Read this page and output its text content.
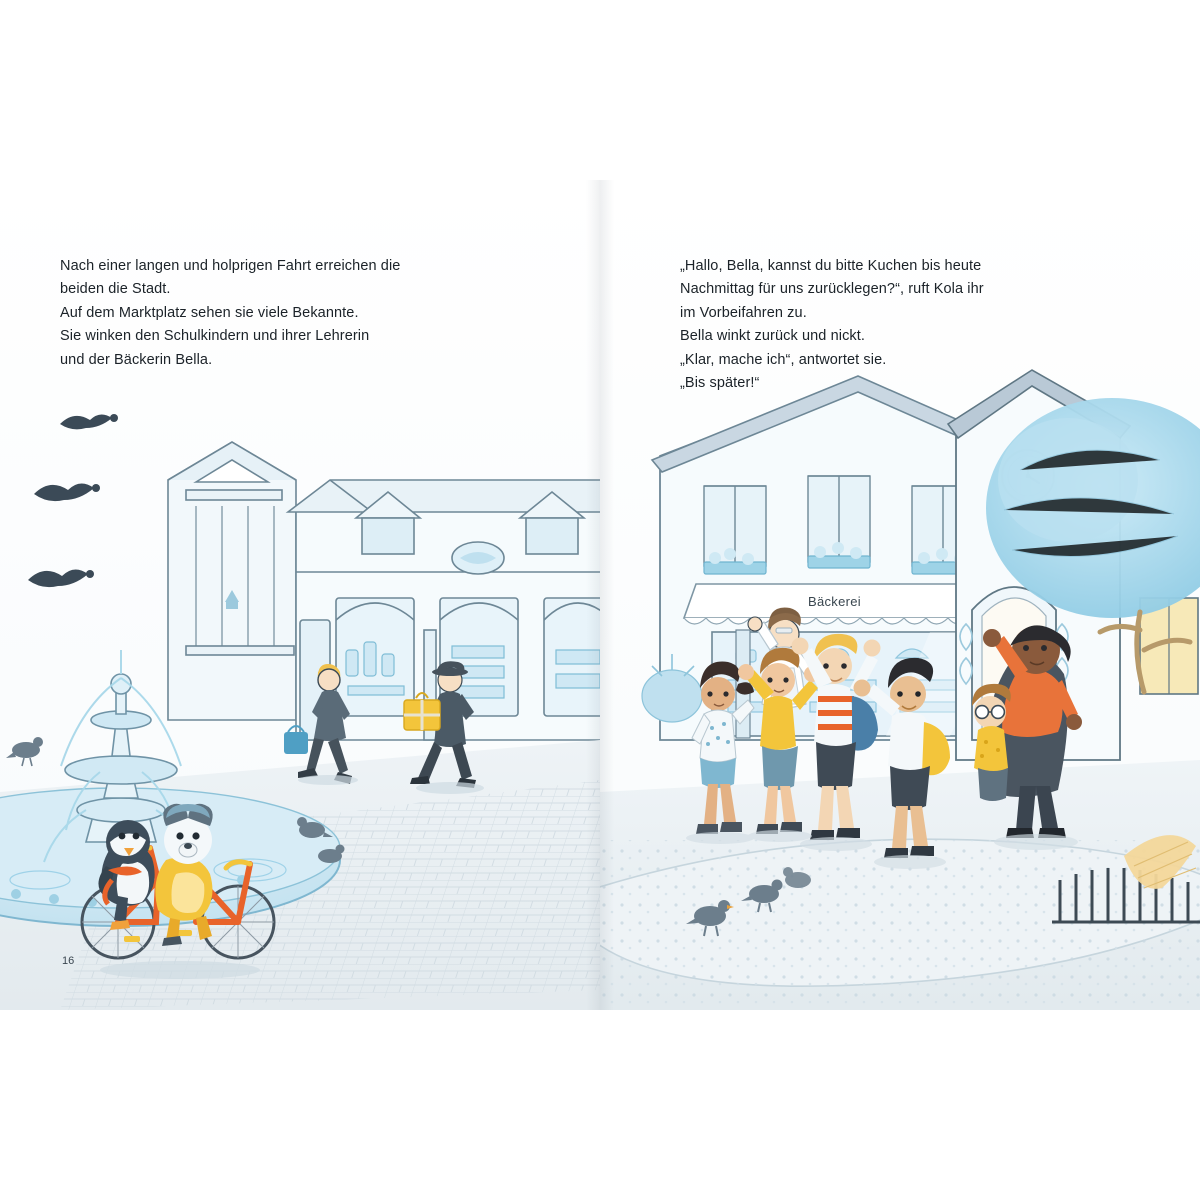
Nach einer langen und holprigen Fahrt erreichen die

beiden die Stadt.

Auf dem Marktplatz sehen sie viele Bekannte.

Sie winken den Schulkindern und ihrer Lehrerin

und der Bäckerin Bella.

16
Bäckerei

„Hallo, Bella, kannst du bitte Kuchen bis heute

Nachmittag für uns zurücklegen?“, ruft Kola ihr

im Vorbeifahren zu.

Bella winkt zurück und nickt.

„Klar, mache ich“, antwortet sie.

„Bis später!“
